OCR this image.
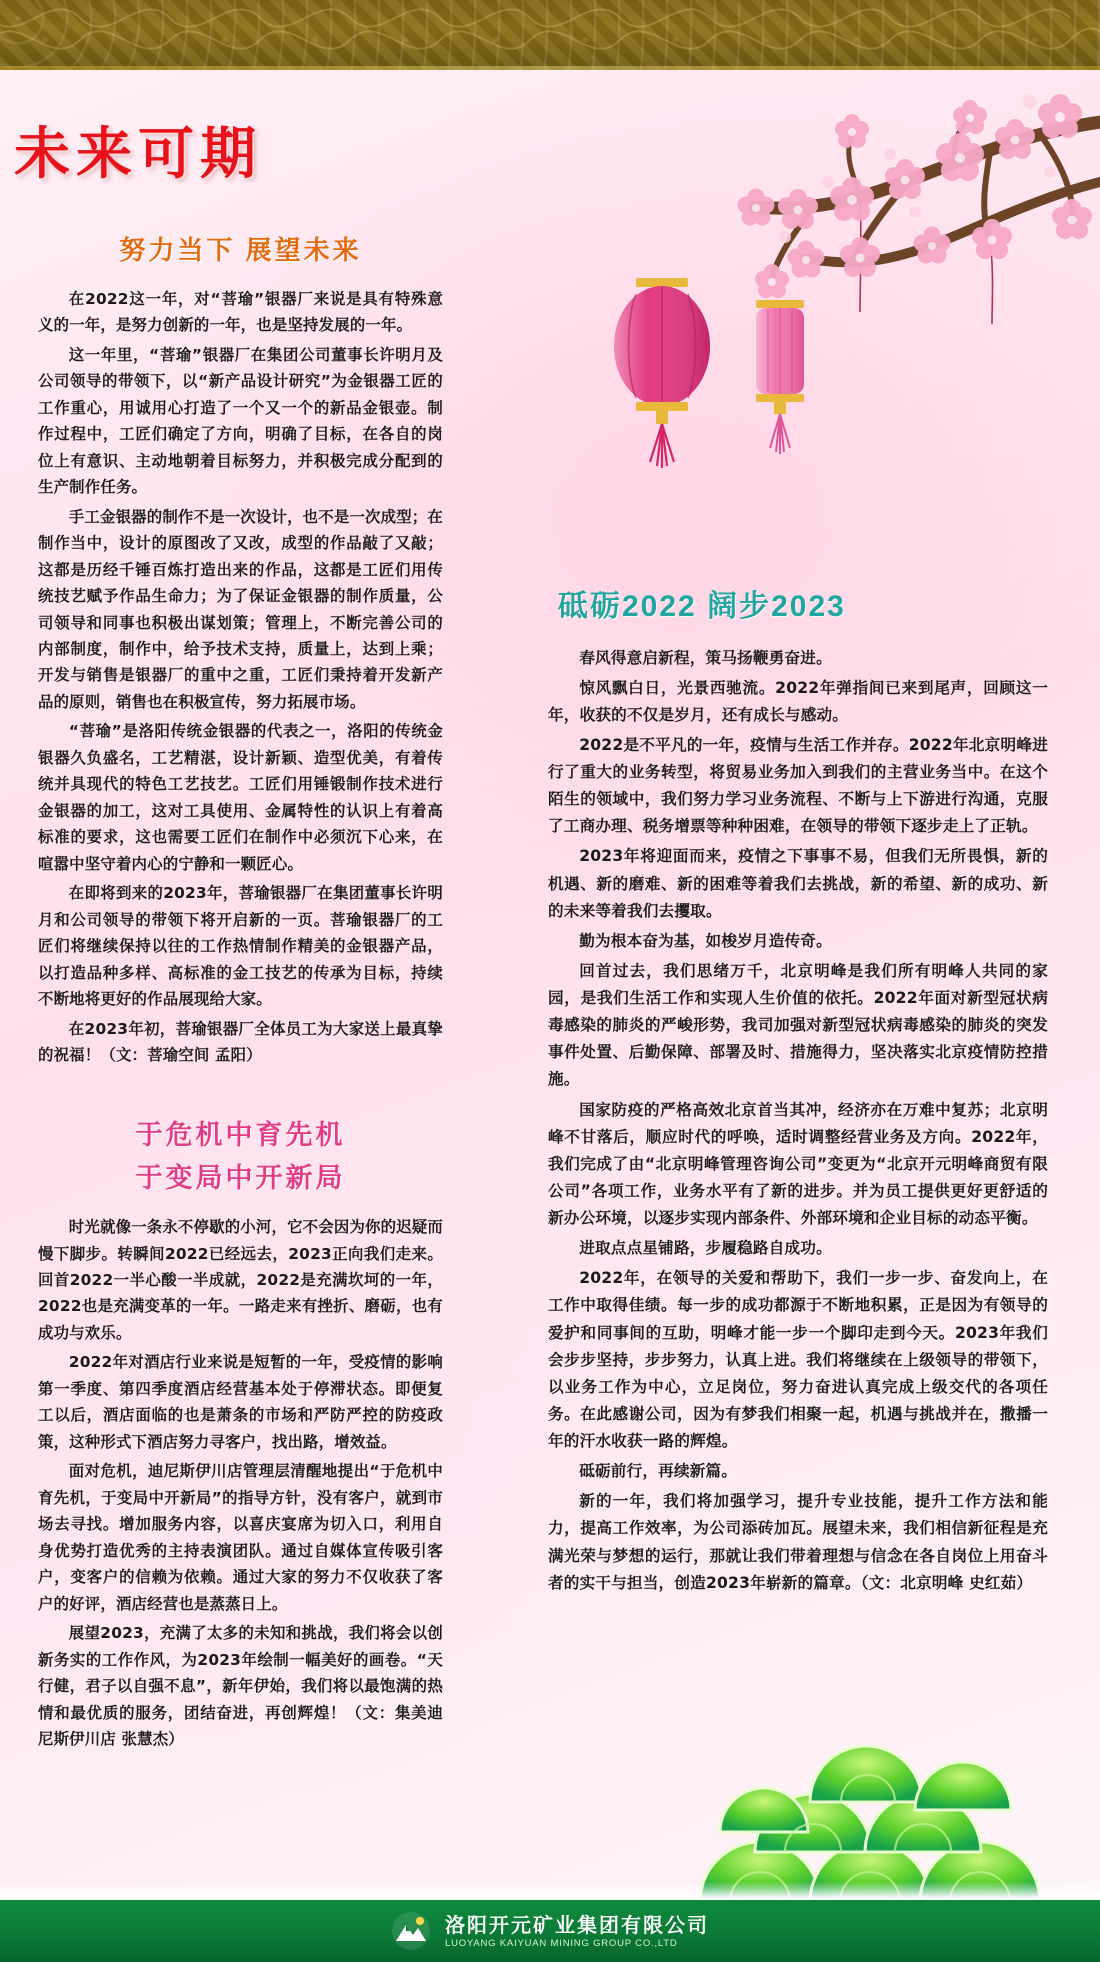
未来可期
努力当下 展望未来

在2022这一年，对“菩瑜”银器厂来说是具有特殊意义的一年，是努力创新的一年，也是坚持发展的一年。

这一年里，“菩瑜”银器厂在集团公司董事长许明月及公司领导的带领下，以“新产品设计研究”为金银器工匠的工作重心，用诚用心打造了一个又一个的新品金银壶。制作过程中，工匠们确定了方向，明确了目标，在各自的岗位上有意识、主动地朝着目标努力，并积极完成分配到的生产制作任务。

手工金银器的制作不是一次设计，也不是一次成型；在制作当中，设计的原图改了又改，成型的作品敲了又敲；这都是历经千锤百炼打造出来的作品，这都是工匠们用传统技艺赋予作品生命力；为了保证金银器的制作质量，公司领导和同事也积极出谋划策；管理上，不断完善公司的内部制度，制作中，给予技术支持，质量上，达到上乘；开发与销售是银器厂的重中之重，工匠们秉持着开发新产品的原则，销售也在积极宣传，努力拓展市场。

“菩瑜”是洛阳传统金银器的代表之一，洛阳的传统金银器久负盛名，工艺精湛，设计新颖、造型优美，有着传统并具现代的特色工艺技艺。工匠们用锤锻制作技术进行金银器的加工，这对工具使用、金属特性的认识上有着高标准的要求，这也需要工匠们在制作中必须沉下心来，在喧嚣中坚守着内心的宁静和一颗匠心。

在即将到来的2023年，菩瑜银器厂在集团董事长许明月和公司领导的带领下将开启新的一页。菩瑜银器厂的工匠们将继续保持以往的工作热情制作精美的金银器产品，以打造品种多样、高标准的金工技艺的传承为目标，持续不断地将更好的作品展现给大家。

在2023年初，菩瑜银器厂全体员工为大家送上最真挚的祝福！（文：菩瑜空间 孟阳）

于危机中育先机
于变局中开新局

时光就像一条永不停歇的小河，它不会因为你的迟疑而慢下脚步。转瞬间2022已经远去，2023正向我们走来。回首2022一半心酸一半成就，2022是充满坎坷的一年，2022也是充满变革的一年。一路走来有挫折、磨砺，也有成功与欢乐。

2022年对酒店行业来说是短暂的一年，受疫情的影响第一季度、第四季度酒店经营基本处于停滞状态。即便复工以后，酒店面临的也是萧条的市场和严防严控的防疫政策，这种形式下酒店努力寻客户，找出路，增效益。

面对危机，迪尼斯伊川店管理层清醒地提出“于危机中育先机，于变局中开新局”的指导方针，没有客户，就到市场去寻找。增加服务内容，以喜庆宴席为切入口，利用自身优势打造优秀的主持表演团队。通过自媒体宣传吸引客户，变客户的信赖为依赖。通过大家的努力不仅收获了客户的好评，酒店经营也是蒸蒸日上。

展望2023，充满了太多的未知和挑战，我们将会以创新务实的工作作风，为2023年绘制一幅美好的画卷。“天行健，君子以自强不息”，新年伊始，我们将以最饱满的热情和最优质的服务，团结奋进，再创辉煌！（文：集美迪尼斯伊川店 张慧杰）

砥砺2022 阔步2023

春风得意启新程，策马扬鞭勇奋进。

惊风飘白日，光景西驰流。2022年弹指间已来到尾声，回顾这一年，收获的不仅是岁月，还有成长与感动。

2022是不平凡的一年，疫情与生活工作并存。2022年北京明峰进行了重大的业务转型，将贸易业务加入到我们的主营业务当中。在这个陌生的领域中，我们努力学习业务流程、不断与上下游进行沟通，克服了工商办理、税务增票等种种困难，在领导的带领下逐步走上了正轨。

2023年将迎面而来，疫情之下事事不易，但我们无所畏惧，新的机遇、新的磨难、新的困难等着我们去挑战，新的希望、新的成功、新的未来等着我们去攫取。

勤为根本奋为基，如梭岁月造传奇。

回首过去，我们思绪万千，北京明峰是我们所有明峰人共同的家园，是我们生活工作和实现人生价值的依托。2022年面对新型冠状病毒感染的肺炎的严峻形势，我司加强对新型冠状病毒感染的肺炎的突发事件处置、后勤保障、部署及时、措施得力，坚决落实北京疫情防控措施。

国家防疫的严格高效北京首当其冲，经济亦在万难中复苏；北京明峰不甘落后，顺应时代的呼唤，适时调整经营业务及方向。2022年，我们完成了由“北京明峰管理咨询公司”变更为“北京开元明峰商贸有限公司”各项工作，业务水平有了新的进步。并为员工提供更好更舒适的新办公环境，以逐步实现内部条件、外部环境和企业目标的动态平衡。

进取点点星铺路，步履稳路自成功。

2022年，在领导的关爱和帮助下，我们一步一步、奋发向上，在工作中取得佳绩。每一步的成功都源于不断地积累，正是因为有领导的爱护和同事间的互助，明峰才能一步一个脚印走到今天。2023年我们会步步坚持，步步努力，认真上进。我们将继续在上级领导的带领下，以业务工作为中心，立足岗位，努力奋进认真完成上级交代的各项任务。在此感谢公司，因为有梦我们相聚一起，机遇与挑战并在，撒播一年的汗水收获一路的辉煌。

砥砺前行，再续新篇。

新的一年，我们将加强学习，提升专业技能，提升工作方法和能力，提高工作效率，为公司添砖加瓦。展望未来，我们相信新征程是充满光荣与梦想的运行，那就让我们带着理想与信念在各自岗位上用奋斗者的实干与担当，创造2023年崭新的篇章。（文：北京明峰 史红茹）

洛阳开元矿业集团有限公司
LUOYANG KAIYUAN MINING GROUP CO.,LTD
